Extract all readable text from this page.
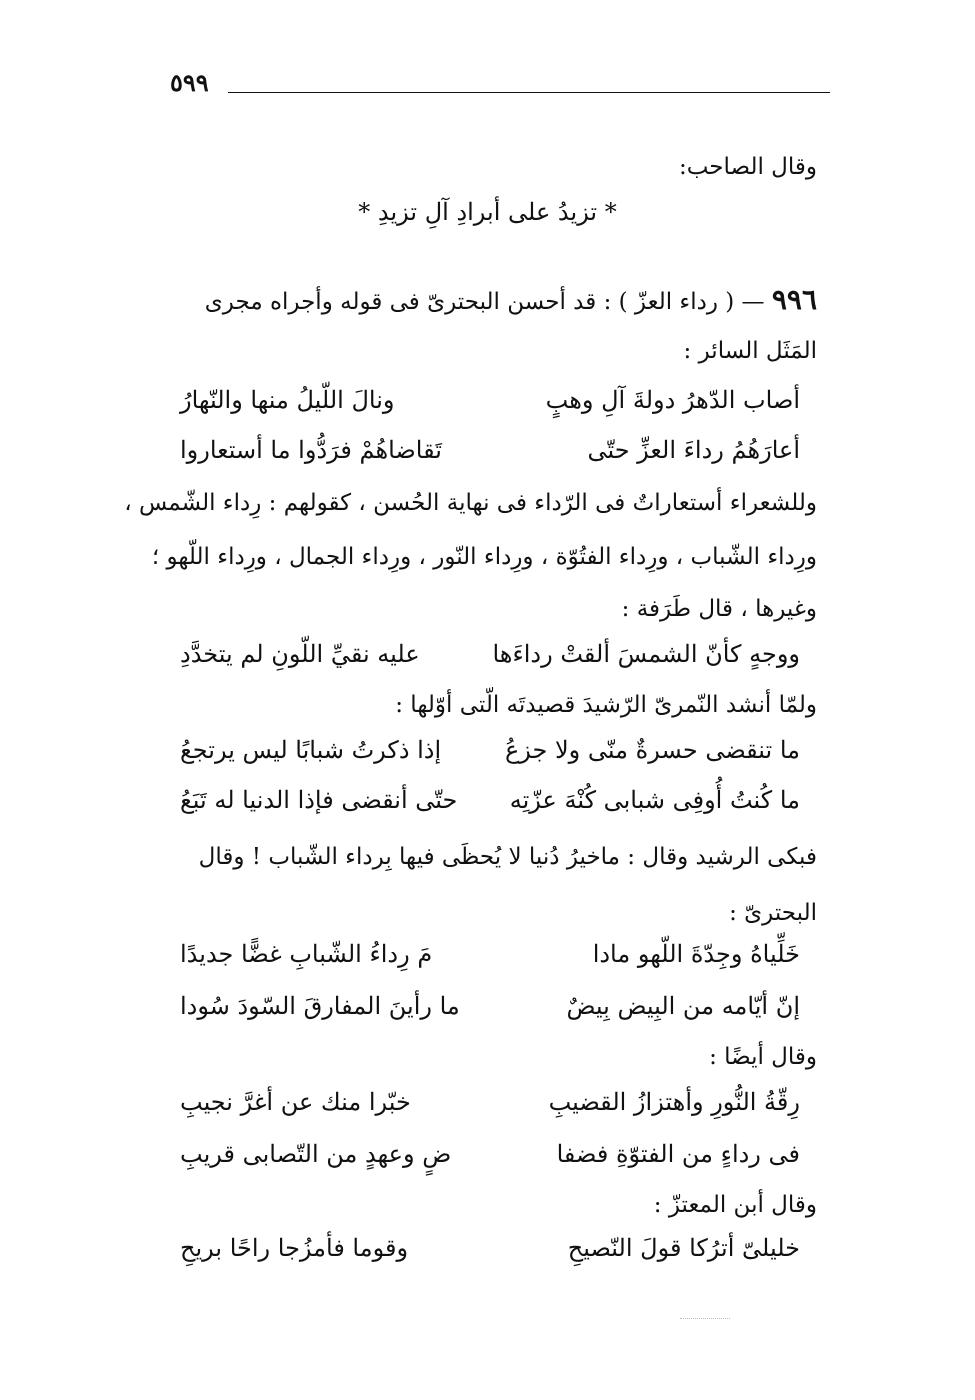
٥٩٩
وقال الصاحب:
* تزيدُ على أبرادِ آلِ تزيدِ *
٩٩٦ — ( رداء العزّ ) : قد أحسن البحترىّ فى قوله وأجراه مجرى
المَثَل السائر :
أصاب الدّهرُ دولةَ آلِ وهبٍ
ونالَ اللّيلُ منها والنّهارُ
أعارَهُمُ رداءَ العزِّ حتّى
تَقاضاهُمْ فرَدُّوا ما أستعاروا
وللشعراء أستعاراتٌ فى الرّداء فى نهاية الحُسن ، كقولهم : رِداء الشّمس ،
ورِداء الشّباب ، ورِداء الفتُوّة ، ورِداء النّور ، ورِداء الجمال ، ورِداء اللّهو ؛
وغيرها ، قال طَرَفة :
ووجهٍ كأنّ الشمسَ ألقتْ رداءَها
عليه نقيِّ اللّونِ لم يتخدَّدِ
ولمّا أنشد النّمرىّ الرّشيدَ قصيدتَه الّتى أوّلها :
ما تنقضى حسرةٌ منّى ولا جزعُ
إذا ذكرتُ شبابًا ليس يرتجعُ
ما كُنتُ أُوفِى شبابى كُنْهَ عزّتِه
حتّى أنقضى فإذا الدنيا له تَبَعُ
فبكى الرشيد وقال : ماخيرُ دُنيا لا يُحظَى فيها بِرداء الشّباب ! وقال
البحترىّ :
خَلِّياهُ وجِدّةَ اللّهو مادا
مَ رِداءُ الشّبابِ غضًّا جديدًا
إنّ أيّامه من البِيض بِيضٌ
ما رأينَ المفارقَ السّودَ سُودا
وقال أيضًا :
رِقّةُ النُّورِ وأهتزازُ القضيبِ
خبّرا منك عن أغرَّ نجيبِ
فى رداءٍ من الفتوّةِ فضفا
ضٍ وعهدٍ من التّصابى قريبِ
وقال أبن المعتزّ :
خليلىّ أترُكا قولَ النّصيحِ
وقوما فأمزُجا راحًا بريحِ
